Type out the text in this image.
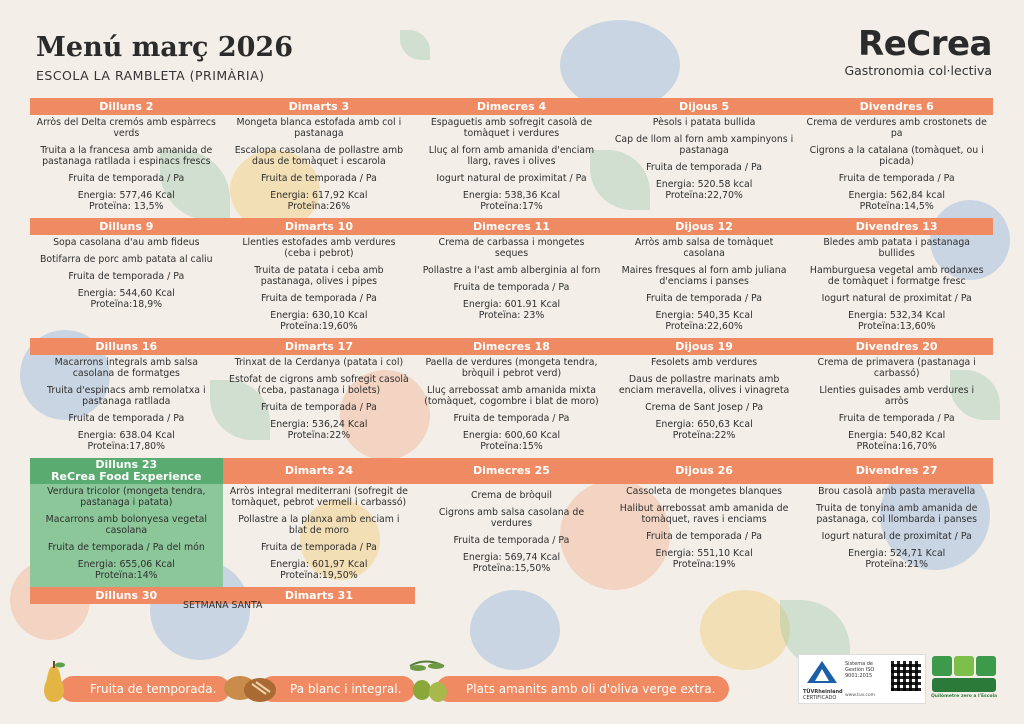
Menú març 2026
ESCOLA LA RAMBLETA (PRIMÀRIA)
ReCrea
Gastronomia col·lectiva
Dilluns 2
Arròs del Delta cremós amb espàrrecs verds
Truita a la francesa amb amanida de pastanaga ratllada i espinacs frescs
Fruita de temporada / Pa
Energia: 577,46 Kcal
Proteïna: 13,5%
Dimarts 3
Mongeta blanca estofada amb col i pastanaga
Escalopa casolana de pollastre amb daus de tomàquet i escarola
Fruita de temporada / Pa
Energia: 617,92 Kcal
Proteïna:26%
Dimecres 4
Espaguetis amb sofregit casolà de tomàquet i verdures
Lluç al forn amb amanida d'enciam llarg, raves i olives
Iogurt natural de proximitat / Pa
Energia: 538,36 Kcal
Proteïna:17%
Dijous 5
Pèsols i patata bullida
Cap de llom al forn amb xampinyons i pastanaga
Fruita de temporada / Pa
Energia: 520.58 kcal
Proteïna:22,70%
Divendres 6
Crema de verdures amb crostonets de pa
Cigrons a la catalana (tomàquet, ou i picada)
Fruita de temporada / Pa
Energia: 562,84 kcal
PRoteïna:14,5%
Dilluns 9
Sopa casolana d'au amb fideus
Botifarra de porc amb patata al caliu
Fruita de temporada / Pa
Energia: 544,60 Kcal
Proteïna:18,9%
Dimarts 10
Llenties estofades amb verdures (ceba i pebrot)
Truita de patata i ceba amb pastanaga, olives i pipes
Fruita de temporada / Pa
Energia: 630,10 Kcal
Proteïna:19,60%
Dimecres 11
Crema de carbassa i mongetes seques
Pollastre a l'ast amb alberginia al forn
Fruita de temporada / Pa
Energia: 601.91 Kcal
Proteïna: 23%
Dijous 12
Arròs amb salsa de tomàquet casolana
Maires fresques al forn amb juliana d'enciams i panses
Fruita de temporada / Pa
Energia: 540,35 Kcal
Proteïna:22,60%
Divendres 13
Bledes amb patata i pastanaga bullides
Hamburguesa vegetal amb rodanxes de tomàquet i formatge fresc
Iogurt natural de proximitat / Pa
Energia: 532,34 Kcal
Proteïna:13,60%
Dilluns 16
Macarrons integrals amb salsa casolana de formatges
Truita d'espinacs amb remolatxa i pastanaga ratllada
Fruita de temporada / Pa
Energia: 638.04 Kcal
Proteïna:17,80%
Dimarts 17
Trinxat de la Cerdanya (patata i col)
Estofat de cigrons amb sofregit casolà (ceba, pastanaga i bolets)
Fruita de temporada / Pa
Energia: 536,24 Kcal
Proteïna:22%
Dimecres 18
Paella de verdures (mongeta tendra, bròquil i pebrot verd)
Lluç arrebossat amb amanida mixta (tomàquet, cogombre i blat de moro)
Fruita de temporada / Pa
Energia: 600,60 Kcal
Proteïna:15%
Dijous 19
Fesolets amb verdures
Daus de pollastre marinats amb enciam meravella, olives i vinagreta
Crema de Sant Josep / Pa
Energia: 650,63 Kcal
Proteïna:22%
Divendres 20
Crema de primavera (pastanaga i carbassó)
Llenties guisades amb verdures i arròs
Fruita de temporada / Pa
Energia: 540,82 Kcal
PRoteïna:16,70%
Dilluns 23
ReCrea Food Experience
Verdura tricolor (mongeta tendra, pastanaga i patata)
Macarrons amb bolonyesa vegetal casolana
Fruita de temporada / Pa del món
Energia: 655,06 Kcal
Proteïna:14%
Dimarts 24
Arròs integral mediterrani (sofregit de tomàquet, pebrot vermell i carbassó)
Pollastre a la planxa amb enciam i blat de moro
Fruita de temporada / Pa
Energia: 601,97 Kcal
Proteïna:19,50%
Dimecres 25
Crema de bròquil
Cigrons amb salsa casolana de verdures
Fruita de temporada / Pa
Energia: 569,74 Kcal
Proteïna:15,50%
Dijous 26
Cassoleta de mongetes blanques
Halibut arrebossat amb amanida de tomàquet, raves i enciams
Fruita de temporada / Pa
Energia: 551,10 Kcal
Proteïna:19%
Divendres 27
Brou casolà amb pasta meravella
Truita de tonyina amb amanida de pastanaga, col llombarda i panses
Iogurt natural de proximitat / Pa
Energia: 524,71 Kcal
Proteïna:21%
Dilluns 30	Dimarts 31
SETMANA SANTA
Fruita de temporada.	Pa blanc i integral.	Plats amanits amb oli d'oliva verge extra.	TÜVRheinland
CERTIFICADO
Sistema de Gestión ISO 9001:2015
www.tuv.com	Quilòmetre zero a l'Escola
